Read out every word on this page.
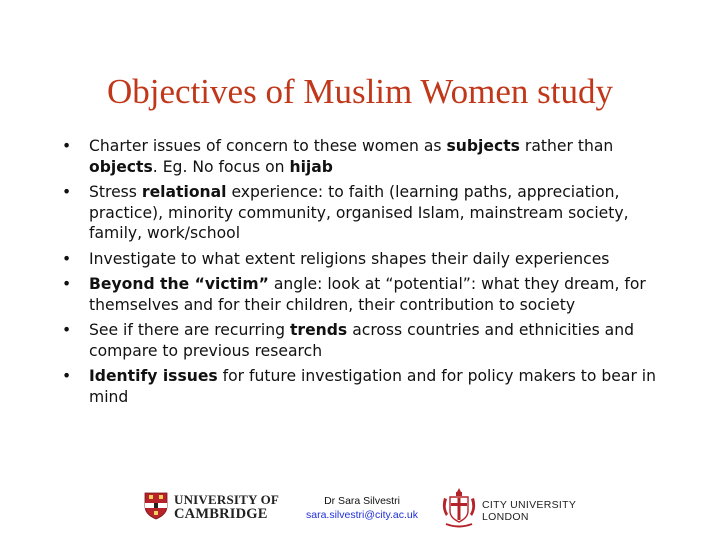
Objectives of Muslim Women study
•	Charter issues of concern to these women as subjects rather than objects. Eg. No focus on hijab
•	Stress relational experience: to faith (learning paths, appreciation, practice), minority community, organised Islam, mainstream society, family, work/school
•	Investigate to what extent religions shapes their daily experiences
•	Beyond the “victim” angle: look at “potential”: what they dream, for themselves and for their children, their contribution to society
•	See if there are recurring trends across countries and ethnicities and compare to previous research
•	Identify issues for future investigation and for policy makers to bear in mind
UNIVERSITY OF
CAMBRIDGE
Dr Sara Silvestri
sara.silvestri@city.ac.uk
CITY UNIVERSITY
LONDON
